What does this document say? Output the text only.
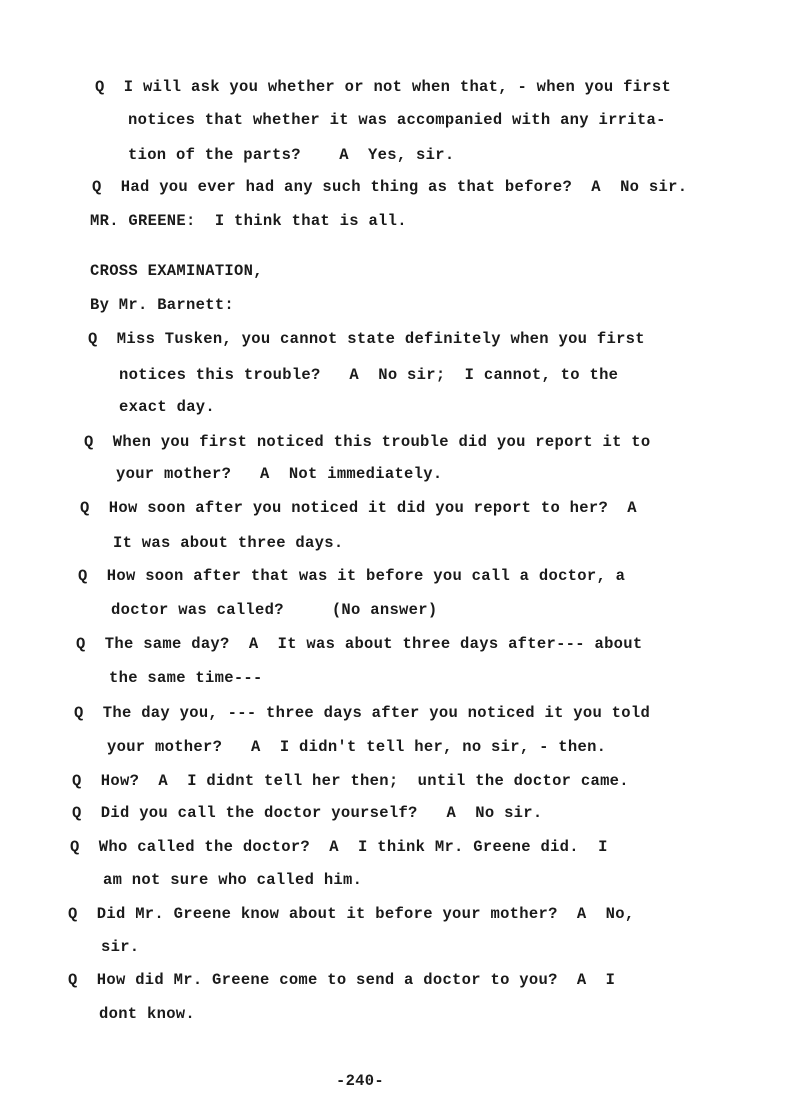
Q  I will ask you whether or not when that, - when you first
notices that whether it was accompanied with any irrita-
tion of the parts?    A  Yes, sir.
Q  Had you ever had any such thing as that before?  A  No sir.
MR. GREENE:  I think that is all.
CROSS EXAMINATION,
By Mr. Barnett:
Q  Miss Tusken, you cannot state definitely when you first
notices this trouble?   A  No sir;  I cannot, to the
exact day.
Q  When you first noticed this trouble did you report it to
your mother?   A  Not immediately.
Q  How soon after you noticed it did you report to her?  A
It was about three days.
Q  How soon after that was it before you call a doctor, a
doctor was called?     (No answer)
Q  The same day?  A  It was about three days after--- about
the same time---
Q  The day you, --- three days after you noticed it you told
your mother?   A  I didn't tell her, no sir, - then.
Q  How?  A  I didnt tell her then;  until the doctor came.
Q  Did you call the doctor yourself?   A  No sir.
Q  Who called the doctor?  A  I think Mr. Greene did.  I
am not sure who called him.
Q  Did Mr. Greene know about it before your mother?  A  No,
sir.
Q  How did Mr. Greene come to send a doctor to you?  A  I
dont know.
-240-
